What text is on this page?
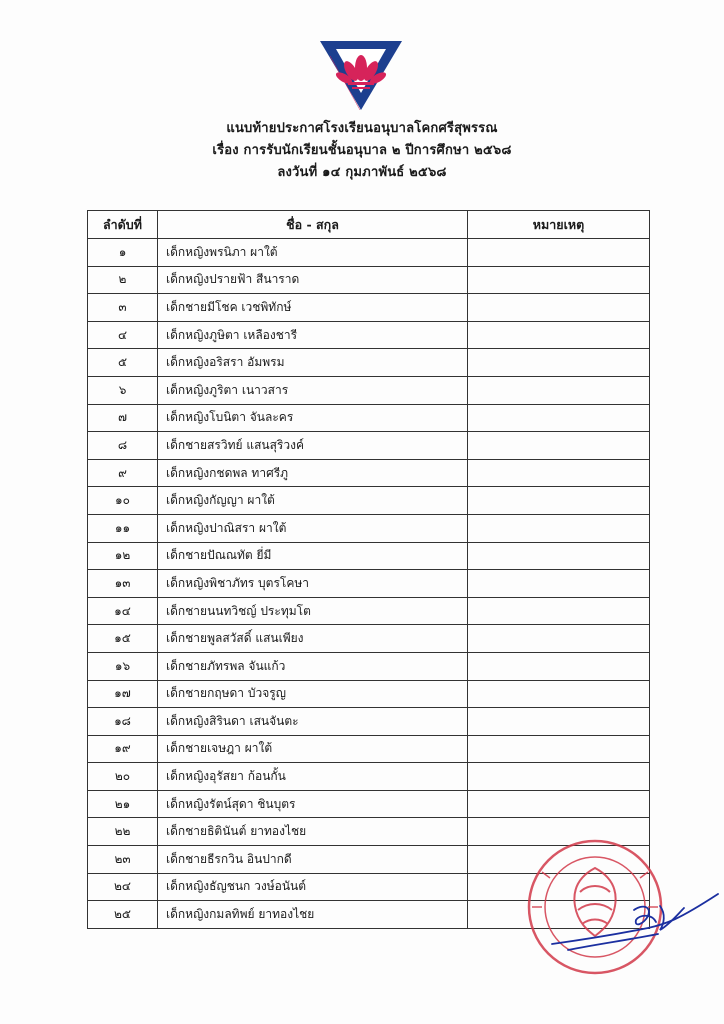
แนบท้ายประกาศโรงเรียนอนุบาลโคกศรีสุพรรณ
เรื่อง การรับนักเรียนชั้นอนุบาล ๒ ปีการศึกษา ๒๕๖๘
ลงวันที่ ๑๔ กุมภาพันธ์ ๒๕๖๘
ลำดับที่	ชื่อ - สกุล	หมายเหตุ
๑	เด็กหญิงพรนิภา ผาใต้	
๒	เด็กหญิงปรายฟ้า สีนาราด	
๓	เด็กชายมีโชค เวชพิทักษ์	
๔	เด็กหญิงภูษิตา เหลืองชารี	
๕	เด็กหญิงอริสรา อัมพรม	
๖	เด็กหญิงภูริตา เนาวสาร	
๗	เด็กหญิงโบนิตา จันละคร	
๘	เด็กชายสรวิทย์ แสนสุริวงค์	
๙	เด็กหญิงกชดพล ทาศรีภู	
๑๐	เด็กหญิงกัญญา ผาใต้	
๑๑	เด็กหญิงปาณิสรา ผาใต้	
๑๒	เด็กชายปัณณทัต ยี่มี	
๑๓	เด็กหญิงพิชาภัทร บุตรโคษา	
๑๔	เด็กชายนนทวิชญ์ ประทุมโต	
๑๕	เด็กชายพูลสวัสดิ์ แสนเพียง	
๑๖	เด็กชายภัทรพล จันแก้ว	
๑๗	เด็กชายกฤษดา บัวจรูญ	
๑๘	เด็กหญิงสิรินดา เสนจันตะ	
๑๙	เด็กชายเจษฎา ผาใต้	
๒๐	เด็กหญิงอุรัสยา ก้อนกั้น	
๒๑	เด็กหญิงรัตน์สุดา ชินบุตร	
๒๒	เด็กชายธิตินันต์ ยาทองไชย	
๒๓	เด็กชายธีรกวิน อินปากดี	
๒๔	เด็กหญิงธัญชนก วงษ์อนันต์	
๒๕	เด็กหญิงกมลทิพย์ ยาทองไชย	
